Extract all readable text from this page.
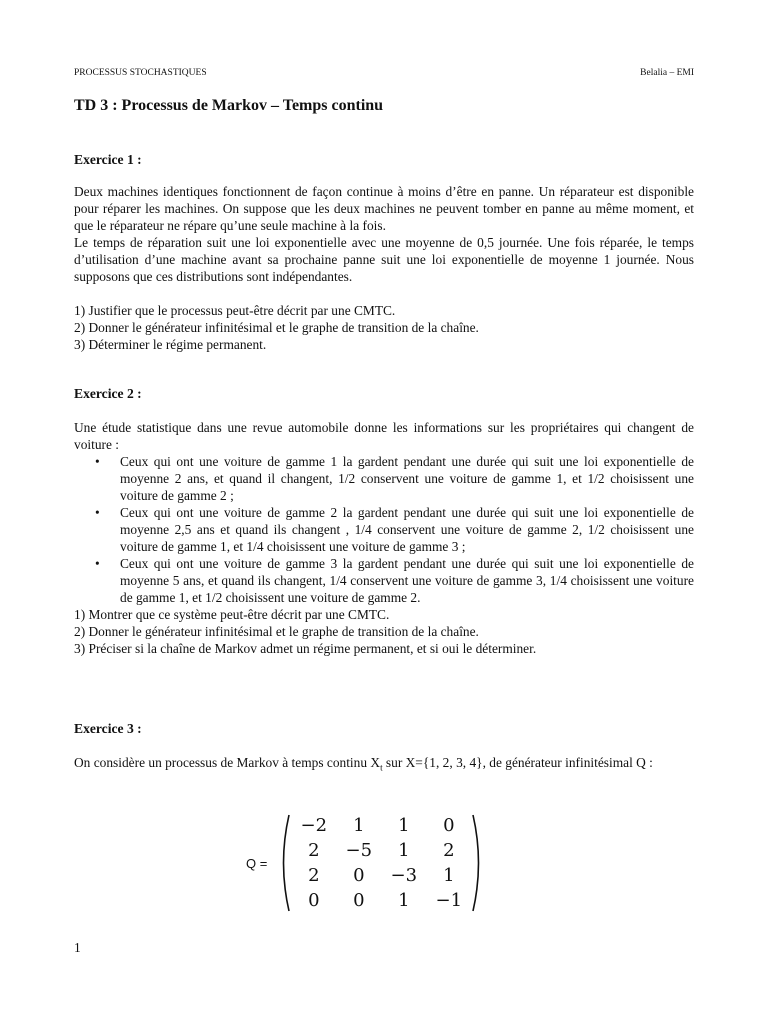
PROCESSUS STOCHASTIQUES	Belalia – EMI
TD 3 : Processus de Markov – Temps continu
Exercice 1 :

Deux machines identiques fonctionnent de façon continue à moins d’être en panne. Un réparateur est disponible pour réparer les machines. On suppose que les deux machines ne peuvent tomber en panne au même moment, et que le réparateur ne répare qu’une seule machine à la fois.

Le temps de réparation suit une loi exponentielle avec une moyenne de 0,5 journée. Une fois réparée, le temps d’utilisation d’une machine avant sa prochaine panne suit une loi exponentielle de moyenne 1 journée. Nous supposons que ces distributions sont indépendantes.

1) Justifier que le processus peut-être décrit par une CMTC.
2) Donner le générateur infinitésimal et le graphe de transition de la chaîne.
3) Déterminer le régime permanent.
Exercice 2 :

Une étude statistique dans une revue automobile donne les informations sur les propriétaires qui changent de voiture :

• Ceux qui ont une voiture de gamme 1 la gardent pendant une durée qui suit une loi exponentielle de moyenne 2 ans, et quand il changent, 1/2 conservent une voiture de gamme 1, et 1/2 choisissent une voiture de gamme 2 ;
• Ceux qui ont une voiture de gamme 2 la gardent pendant une durée qui suit une loi exponentielle de moyenne 2,5 ans et quand ils changent , 1/4 conservent une voiture de gamme 2, 1/2 choisissent une voiture de gamme 1, et 1/4 choisissent une voiture de gamme 3 ;
• Ceux qui ont une voiture de gamme 3 la gardent pendant une durée qui suit une loi exponentielle de moyenne 5 ans, et quand ils changent, 1/4 conservent une voiture de gamme 3, 1/4 choisissent une voiture de gamme 1, et 1/2 choisissent une voiture de gamme 2.
1) Montrer que ce système peut-être décrit par une CMTC.
2) Donner le générateur infinitésimal et le graphe de transition de la chaîne.
3) Préciser si la chaîne de Markov admet un régime permanent, et si oui le déterminer.
Exercice 3 :

On considère un processus de Markov à temps continu $X_t$ sur X={1, 2, 3, 4}, de générateur infinitésimal Q :

Q =
−2	1	1	0
2	−5	1	2
2	0	−3	1
0	0	1	−1
1
